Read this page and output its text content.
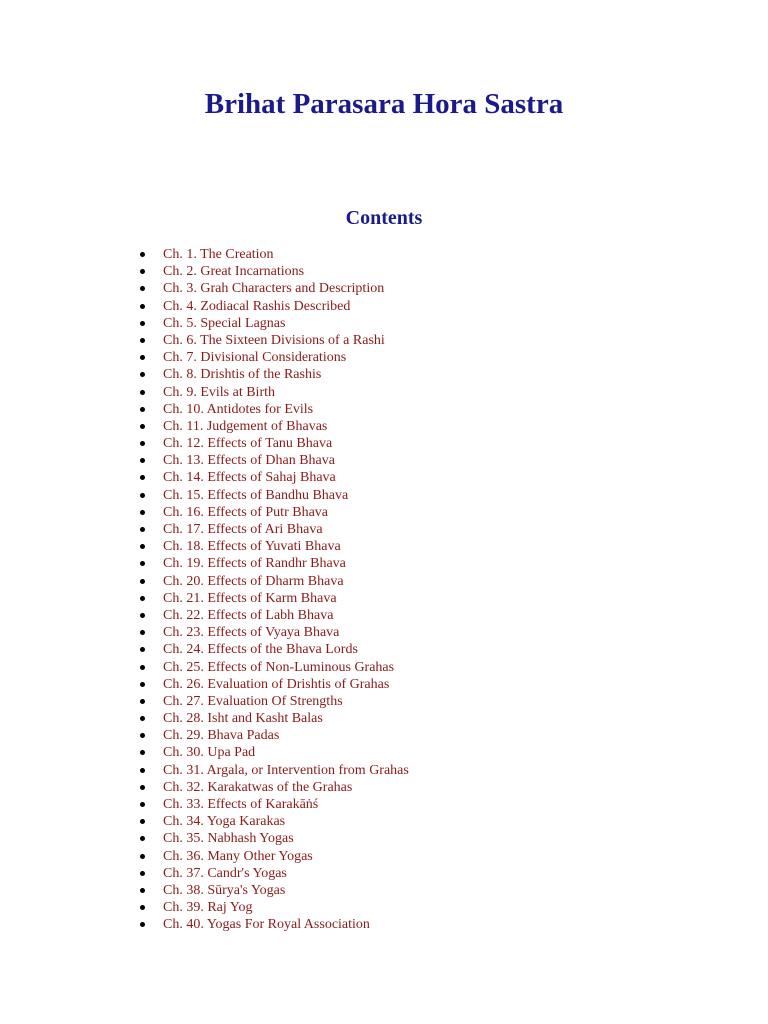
Brihat Parasara Hora Sastra
Contents
Ch. 1. The Creation
Ch. 2. Great Incarnations
Ch. 3. Grah Characters and Description
Ch. 4. Zodiacal Rashis Described
Ch. 5. Special Lagnas
Ch. 6. The Sixteen Divisions of a Rashi
Ch. 7. Divisional Considerations
Ch. 8. Drishtis of the Rashis
Ch. 9. Evils at Birth
Ch. 10. Antidotes for Evils
Ch. 11. Judgement of Bhavas
Ch. 12. Effects of Tanu Bhava
Ch. 13. Effects of Dhan Bhava
Ch. 14. Effects of Sahaj Bhava
Ch. 15. Effects of Bandhu Bhava
Ch. 16. Effects of Putr Bhava
Ch. 17. Effects of Ari Bhava
Ch. 18. Effects of Yuvati Bhava
Ch. 19. Effects of Randhr Bhava
Ch. 20. Effects of Dharm Bhava
Ch. 21. Effects of Karm Bhava
Ch. 22. Effects of Labh Bhava
Ch. 23. Effects of Vyaya Bhava
Ch. 24. Effects of the Bhava Lords
Ch. 25. Effects of Non-Luminous Grahas
Ch. 26. Evaluation of Drishtis of Grahas
Ch. 27. Evaluation Of Strengths
Ch. 28. Isht and Kasht Balas
Ch. 29. Bhava Padas
Ch. 30. Upa Pad
Ch. 31. Argala, or Intervention from Grahas
Ch. 32. Karakatwas of the Grahas
Ch. 33. Effects of Karakāṅś
Ch. 34. Yoga Karakas
Ch. 35. Nabhash Yogas
Ch. 36. Many Other Yogas
Ch. 37. Candr's Yogas
Ch. 38. Sūrya's Yogas
Ch. 39. Raj Yog
Ch. 40. Yogas For Royal Association
